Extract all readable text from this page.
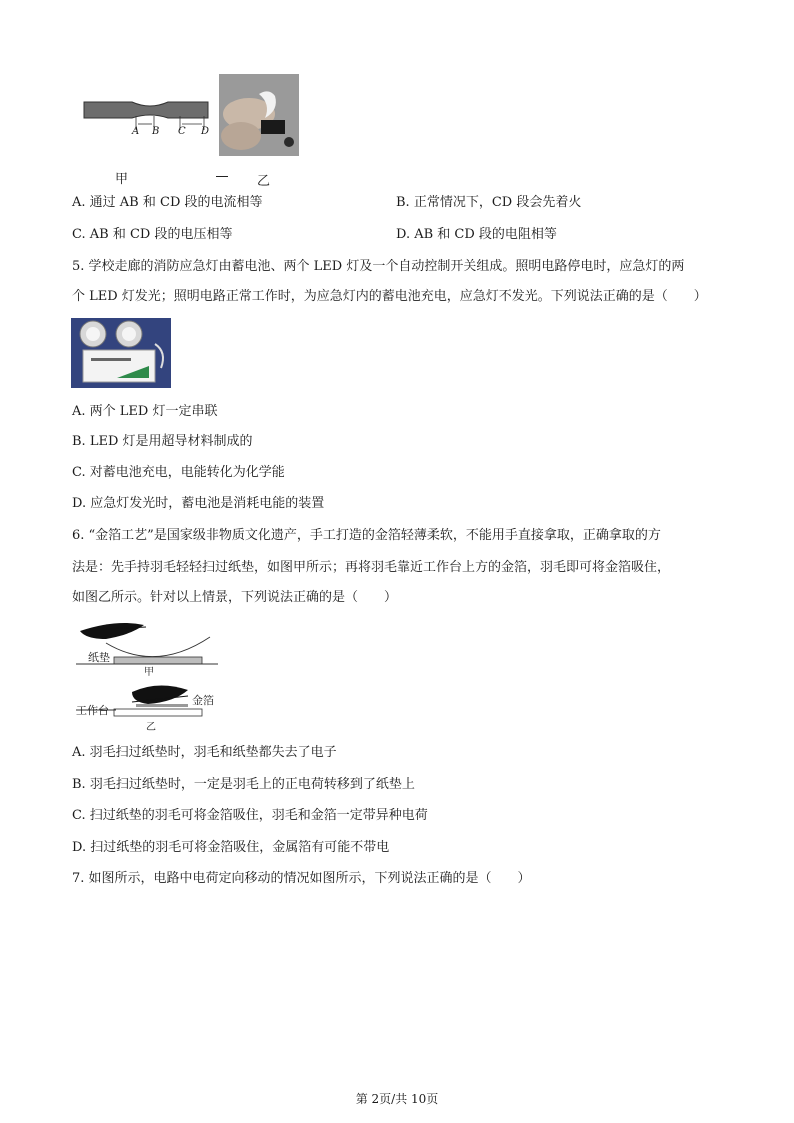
A B C D
甲	乙
A. 通过 AB 和 CD 段的电流相等	B. 正常情况下，CD 段会先着火
C. AB 和 CD 段的电压相等	D. AB 和 CD 段的电阻相等
5. 学校走廊的消防应急灯由蓄电池、两个 LED 灯及一个自动控制开关组成。照明电路停电时，应急灯的两
个 LED 灯发光；照明电路正常工作时，为应急灯内的蓄电池充电，应急灯不发光。下列说法正确的是（　　）
A. 两个 LED 灯一定串联
B. LED 灯是用超导材料制成的
C. 对蓄电池充电，电能转化为化学能
D. 应急灯发光时，蓄电池是消耗电能的装置
6. “金箔工艺”是国家级非物质文化遗产，手工打造的金箔轻薄柔软，不能用手直接拿取，正确拿取的方
法是：先手持羽毛轻轻扫过纸垫，如图甲所示；再将羽毛靠近工作台上方的金箔，羽毛即可将金箔吸住，
如图乙所示。针对以上情景，下列说法正确的是（　　）
纸垫
甲
工作台
金箔
乙
A. 羽毛扫过纸垫时，羽毛和纸垫都失去了电子
B. 羽毛扫过纸垫时，一定是羽毛上的正电荷转移到了纸垫上
C. 扫过纸垫的羽毛可将金箔吸住，羽毛和金箔一定带异种电荷
D. 扫过纸垫的羽毛可将金箔吸住，金属箔有可能不带电
7. 如图所示，电路中电荷定向移动的情况如图所示，下列说法正确的是（　　）
第 2页/共 10页
